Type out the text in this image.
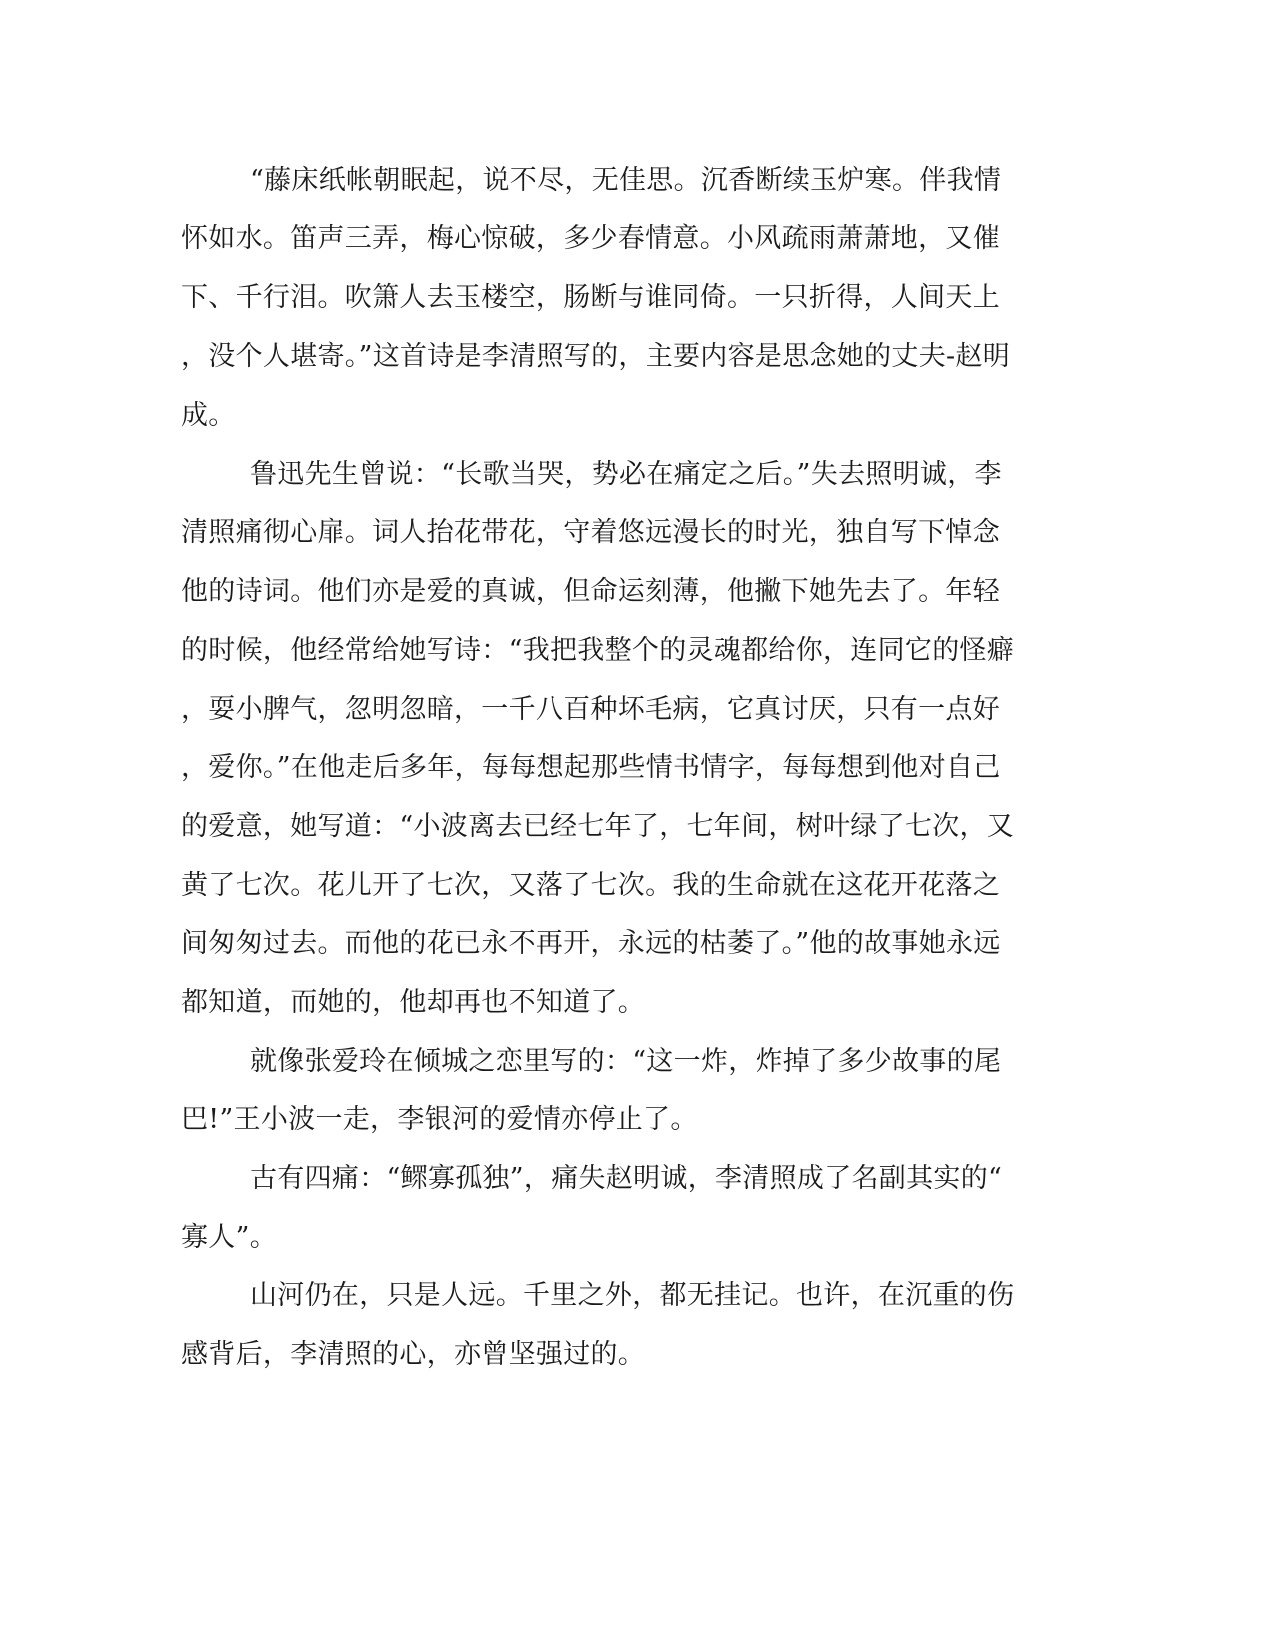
“藤床纸帐朝眠起，说不尽，无佳思。沉香断续玉炉寒。伴我情
怀如水。笛声三弄，梅心惊破，多少春情意。小风疏雨萧萧地，又催
下、千行泪。吹箫人去玉楼空，肠断与谁同倚。一只折得，人间天上
，没个人堪寄。”这首诗是李清照写的，主要内容是思念她的丈夫-赵明
成。
鲁迅先生曾说：“长歌当哭，势必在痛定之后。”失去照明诚，李
清照痛彻心扉。词人抬花带花，守着悠远漫长的时光，独自写下悼念
他的诗词。他们亦是爱的真诚，但命运刻薄，他撇下她先去了。年轻
的时候，他经常给她写诗：“我把我整个的灵魂都给你，连同它的怪癖
，耍小脾气，忽明忽暗，一千八百种坏毛病，它真讨厌，只有一点好
，爱你。”在他走后多年，每每想起那些情书情字，每每想到他对自己
的爱意，她写道：“小波离去已经七年了，七年间，树叶绿了七次，又
黄了七次。花儿开了七次，又落了七次。我的生命就在这花开花落之
间匆匆过去。而他的花已永不再开，永远的枯萎了。”他的故事她永远
都知道，而她的，他却再也不知道了。
就像张爱玲在倾城之恋里写的：“这一炸，炸掉了多少故事的尾
巴!”王小波一走，李银河的爱情亦停止了。
古有四痛：“鳏寡孤独”，痛失赵明诚，李清照成了名副其实的“
寡人”。
山河仍在，只是人远。千里之外，都无挂记。也许，在沉重的伤
感背后，李清照的心，亦曾坚强过的。
